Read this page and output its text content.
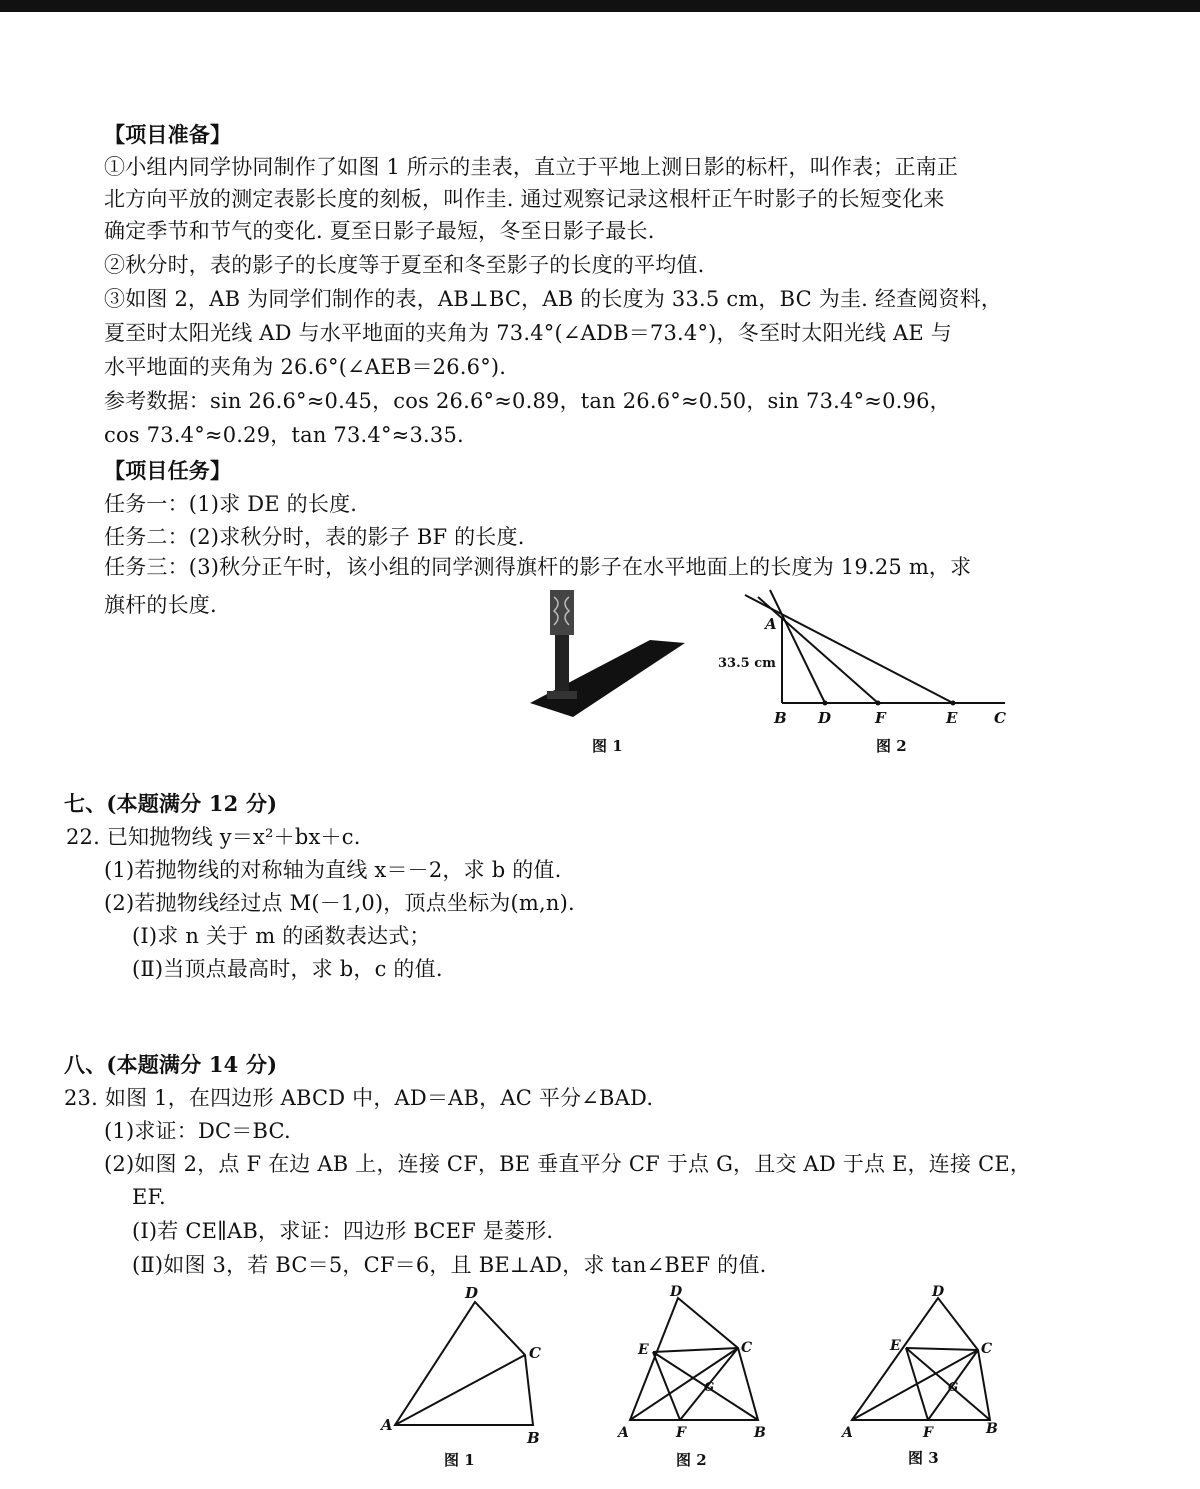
【项目准备】
①小组内同学协同制作了如图 1 所示的圭表，直立于平地上测日影的标杆，叫作表；正南正
北方向平放的测定表影长度的刻板，叫作圭. 通过观察记录这根杆正午时影子的长短变化来
确定季节和节气的变化. 夏至日影子最短，冬至日影子最长.
②秋分时，表的影子的长度等于夏至和冬至影子的长度的平均值.
③如图 2，AB 为同学们制作的表，AB⊥BC，AB 的长度为 33.5 cm，BC 为圭. 经查阅资料，
夏至时太阳光线 AD 与水平地面的夹角为 73.4°(∠ADB＝73.4°)，冬至时太阳光线 AE 与
水平地面的夹角为 26.6°(∠AEB＝26.6°).
参考数据：sin 26.6°≈0.45，cos 26.6°≈0.89，tan 26.6°≈0.50，sin 73.4°≈0.96，
cos 73.4°≈0.29，tan 73.4°≈3.35.
【项目任务】
任务一：(1)求 DE 的长度.
任务二：(2)求秋分时，表的影子 BF 的长度.
任务三：(3)秋分正午时，该小组的同学测得旗杆的影子在水平地面上的长度为 19.25 m，求
旗杆的长度.
图 1
A
B D	F	E C
33.5 cm
图 2
七、(本题满分 12 分)
22. 已知抛物线 y＝x²＋bx＋c.
(1)若抛物线的对称轴为直线 x＝－2，求 b 的值.
(2)若抛物线经过点 M(－1,0)，顶点坐标为(m,n).
(Ⅰ)求 n 关于 m 的函数表达式；
(Ⅱ)当顶点最高时，求 b，c 的值.
八、(本题满分 14 分)
23. 如图 1，在四边形 ABCD 中，AD＝AB，AC 平分∠BAD.
(1)求证：DC＝BC.
(2)如图 2，点 F 在边 AB 上，连接 CF，BE 垂直平分 CF 于点 G，且交 AD 于点 E，连接 CE，
EF.
(Ⅰ)若 CE∥AB，求证：四边形 BCEF 是菱形.
(Ⅱ)如图 3，若 BC＝5，CF＝6，且 BE⊥AD，求 tan∠BEF 的值.
A
D
C
B
图 1
A
D
E	C
G
F	B
图 2
A
D
E	C
G
F	B
图 3
